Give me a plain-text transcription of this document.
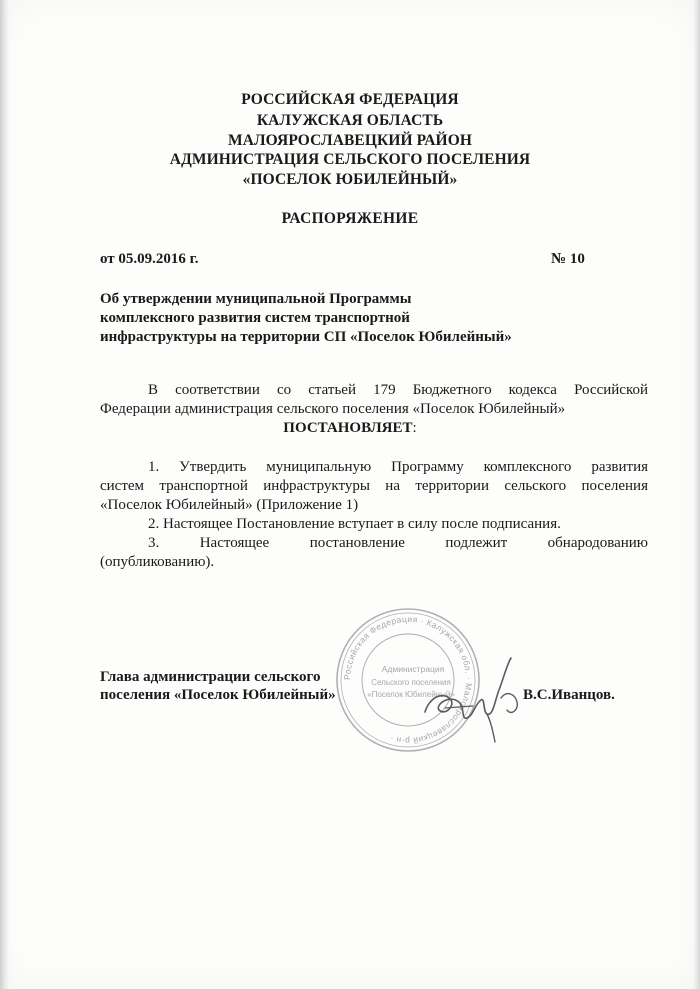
РОССИЙСКАЯ ФЕДЕРАЦИЯ
КАЛУЖСКАЯ ОБЛАСТЬ
МАЛОЯРОСЛАВЕЦКИЙ РАЙОН
АДМИНИСТРАЦИЯ СЕЛЬСКОГО ПОСЕЛЕНИЯ
«ПОСЕЛОК ЮБИЛЕЙНЫЙ»
РАСПОРЯЖЕНИЕ
от 05.09.2016 г.	№ 10
Об утверждении муниципальной Программы
комплексного развития систем транспортной
инфраструктуры на территории СП «Поселок Юбилейный»
В соответствии со статьей 179 Бюджетного кодекса Российской
Федерации администрация сельского поселения «Поселок Юбилейный»
ПОСТАНОВЛЯЕТ:
1. Утвердить муниципальную Программу комплексного развития
систем транспортной инфраструктуры на территории сельского поселения
«Поселок Юбилейный» (Приложение 1)
2. Настоящее Постановление вступает в силу после подписания.
3. Настоящее постановление подлежит обнародованию
(опубликованию).
Российская Федерация · Калужская обл. · Малоярославецкий р-н ·
Администрация
Сельского поселения
«Поселок Юбилейный»
Глава администрации сельского
поселения «Поселок Юбилейный»	В.С.Иванцов.
